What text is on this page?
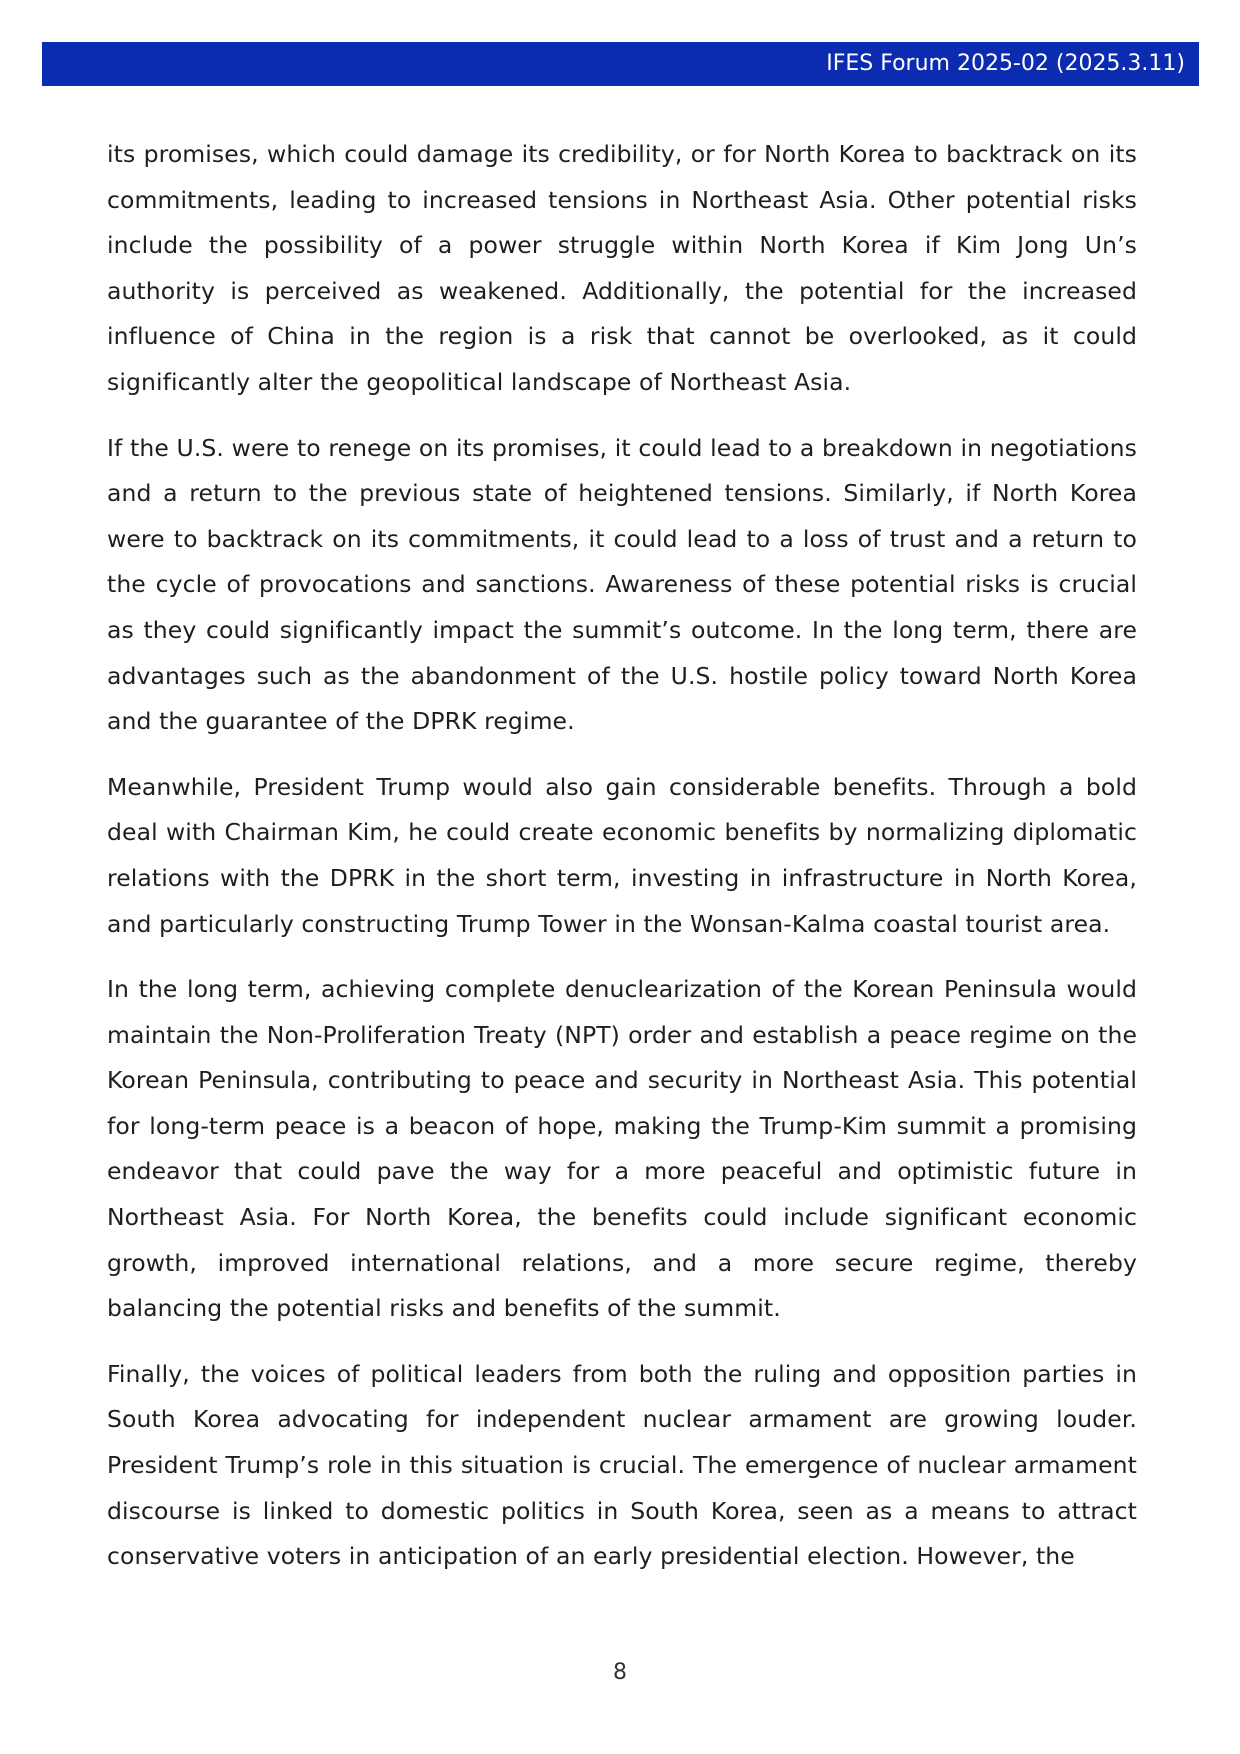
IFES Forum 2025-02 (2025.3.11)

its promises, which could damage its credibility, or for North Korea to backtrack on its commitments, leading to increased tensions in Northeast Asia. Other potential risks include the possibility of a power struggle within North Korea if Kim Jong Un’s authority is perceived as weakened. Additionally, the potential for the increased influence of China in the region is a risk that cannot be overlooked, as it could significantly alter the geopolitical landscape of Northeast Asia.

If the U.S. were to renege on its promises, it could lead to a breakdown in negotiations and a return to the previous state of heightened tensions. Similarly, if North Korea were to backtrack on its commitments, it could lead to a loss of trust and a return to the cycle of provocations and sanctions. Awareness of these potential risks is crucial as they could significantly impact the summit’s outcome. In the long term, there are advantages such as the abandonment of the U.S. hostile policy toward North Korea and the guarantee of the DPRK regime.

Meanwhile, President Trump would also gain considerable benefits. Through a bold deal with Chairman Kim, he could create economic benefits by normalizing diplomatic relations with the DPRK in the short term, investing in infrastructure in North Korea, and particularly constructing Trump Tower in the Wonsan-Kalma coastal tourist area.

In the long term, achieving complete denuclearization of the Korean Peninsula would maintain the Non-Proliferation Treaty (NPT) order and establish a peace regime on the Korean Peninsula, contributing to peace and security in Northeast Asia. This potential for long-term peace is a beacon of hope, making the Trump-Kim summit a promising endeavor that could pave the way for a more peaceful and optimistic future in Northeast Asia. For North Korea, the benefits could include significant economic growth, improved international relations, and a more secure regime, thereby balancing the potential risks and benefits of the summit.

Finally, the voices of political leaders from both the ruling and opposition parties in South Korea advocating for independent nuclear armament are growing louder. President Trump’s role in this situation is crucial. The emergence of nuclear armament discourse is linked to domestic politics in South Korea, seen as a means to attract conservative voters in anticipation of an early presidential election. However, the

8
